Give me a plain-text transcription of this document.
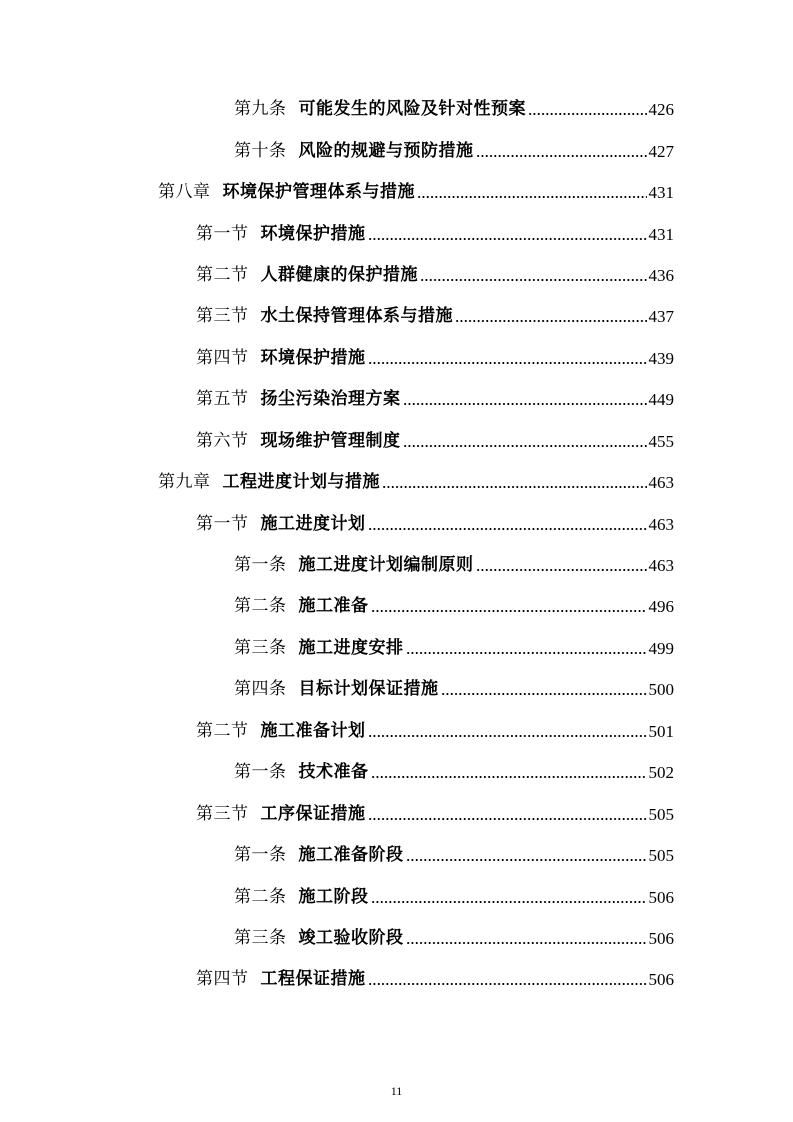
第九条 可能发生的风险及针对性预案	426
第十条 风险的规避与预防措施	427
第八章 环境保护管理体系与措施	431
第一节 环境保护措施	431
第二节 人群健康的保护措施	436
第三节 水土保持管理体系与措施	437
第四节 环境保护措施	439
第五节 扬尘污染治理方案	449
第六节 现场维护管理制度	455
第九章 工程进度计划与措施	463
第一节 施工进度计划	463
第一条 施工进度计划编制原则	463
第二条 施工准备	496
第三条 施工进度安排	499
第四条 目标计划保证措施	500
第二节 施工准备计划	501
第一条 技术准备	502
第三节 工序保证措施	505
第一条 施工准备阶段	505
第二条 施工阶段	506
第三条 竣工验收阶段	506
第四节 工程保证措施	506
11
